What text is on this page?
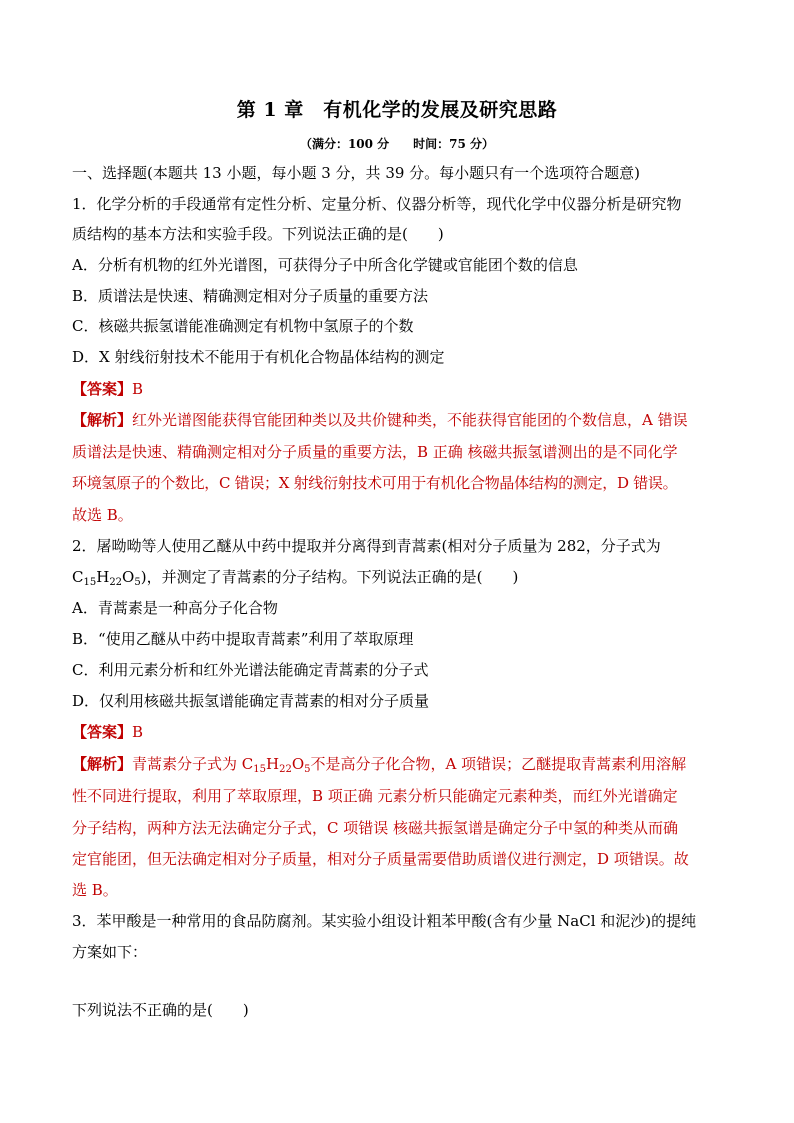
第 1 章　有机化学的发展及研究思路
（满分：100 分　　时间：75 分）
一、选择题(本题共 13 小题，每小题 3 分，共 39 分。每小题只有一个选项符合题意)
1．化学分析的手段通常有定性分析、定量分析、仪器分析等，现代化学中仪器分析是研究物
质结构的基本方法和实验手段。下列说法正确的是(　　)
A．分析有机物的红外光谱图，可获得分子中所含化学键或官能团个数的信息
B．质谱法是快速、精确测定相对分子质量的重要方法
C．核磁共振氢谱能准确测定有机物中氢原子的个数
D．X 射线衍射技术不能用于有机化合物晶体结构的测定
【答案】B
【解析】红外光谱图能获得官能团种类以及共价键种类，不能获得官能团的个数信息，A 错误
质谱法是快速、精确测定相对分子质量的重要方法，B 正确 核磁共振氢谱测出的是不同化学
环境氢原子的个数比，C 错误；X 射线衍射技术可用于有机化合物晶体结构的测定，D 错误。
故选 B。
2．屠呦呦等人使用乙醚从中药中提取并分离得到青蒿素(相对分子质量为 282，分子式为
$C_{15}H_{22}O_5$)，并测定了青蒿素的分子结构。下列说法正确的是(　　)
A．青蒿素是一种高分子化合物
B．“使用乙醚从中药中提取青蒿素”利用了萃取原理
C．利用元素分析和红外光谱法能确定青蒿素的分子式
D．仅利用核磁共振氢谱能确定青蒿素的相对分子质量
【答案】B
【解析】青蒿素分子式为 $C_{15}H_{22}O_5$不是高分子化合物，A 项错误；乙醚提取青蒿素利用溶解
性不同进行提取，利用了萃取原理，B 项正确 元素分析只能确定元素种类，而红外光谱确定
分子结构，两种方法无法确定分子式，C 项错误 核磁共振氢谱是确定分子中氢的种类从而确
定官能团，但无法确定相对分子质量，相对分子质量需要借助质谱仪进行测定，D 项错误。故
选 B。
3．苯甲酸是一种常用的食品防腐剂。某实验小组设计粗苯甲酸(含有少量 NaCl 和泥沙)的提纯
方案如下：
下列说法不正确的是(　　)
